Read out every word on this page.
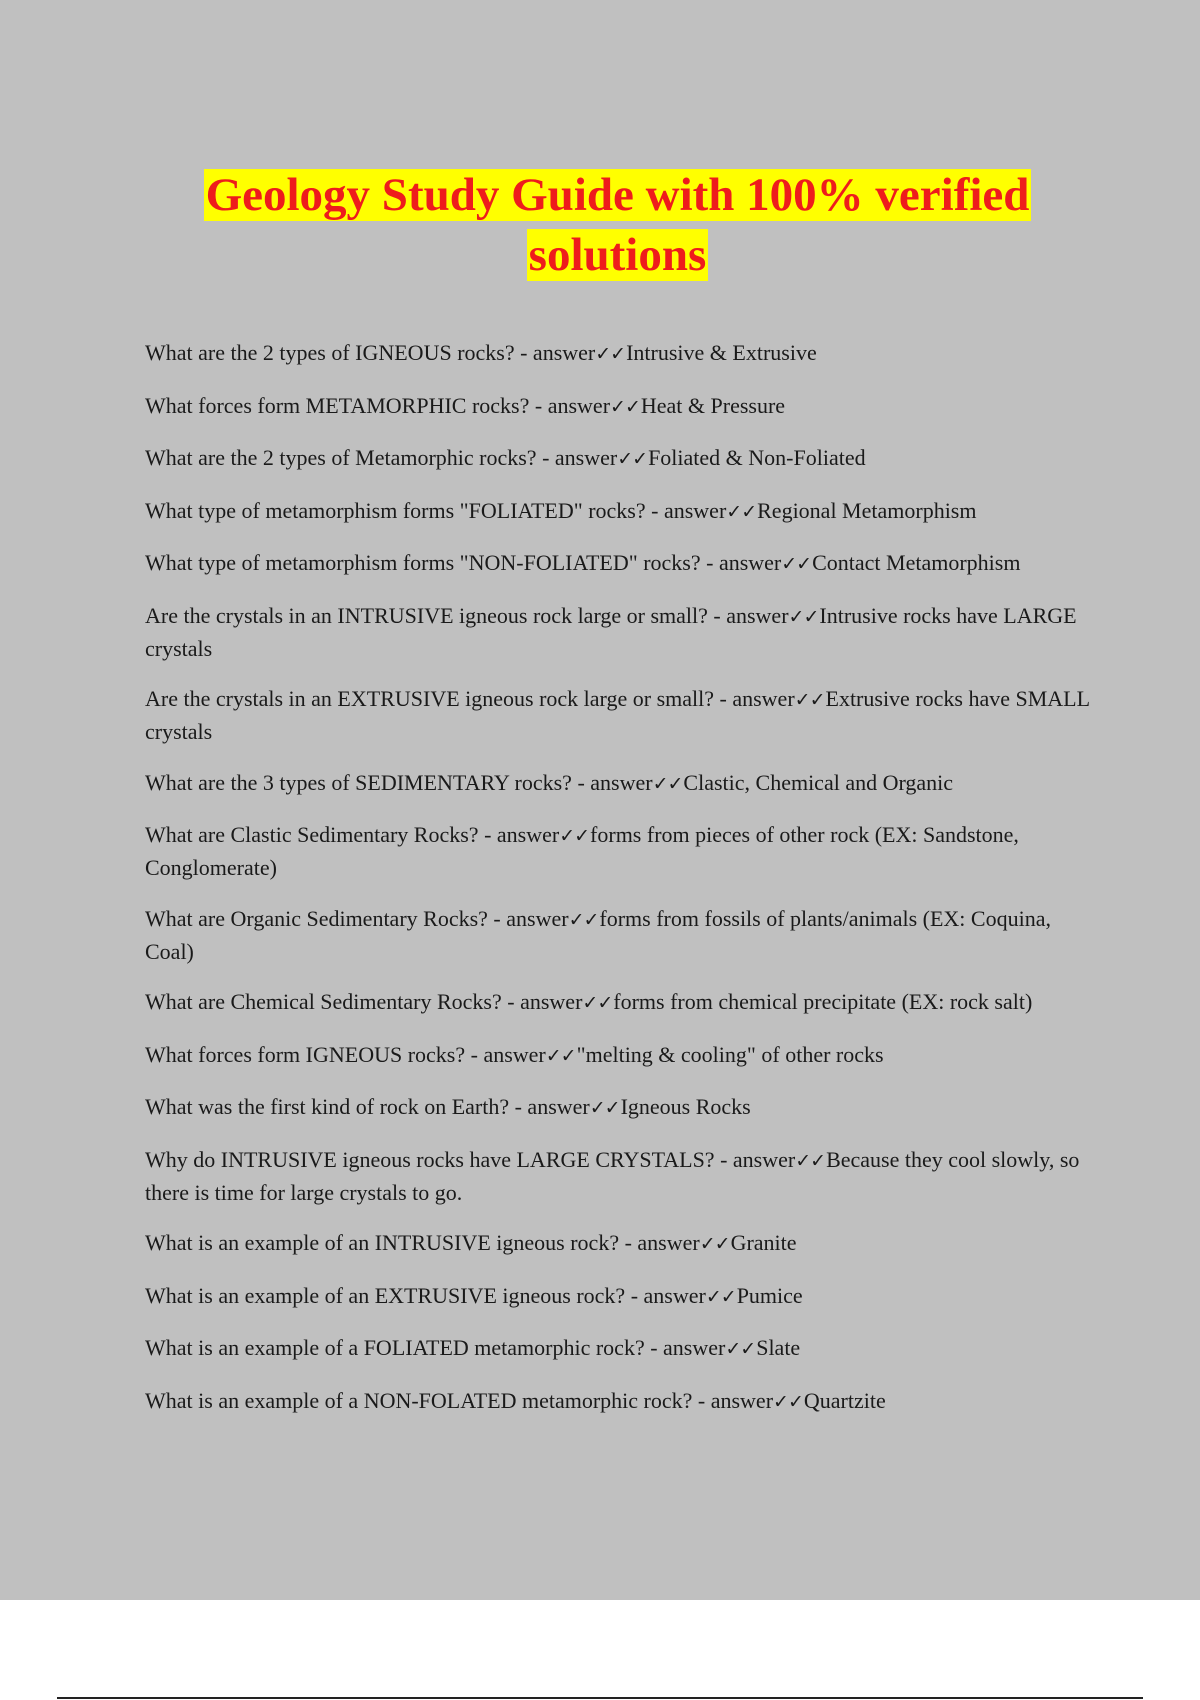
Geology Study Guide with 100% verified solutions
What are the 2 types of IGNEOUS rocks? - answer✓✓Intrusive & Extrusive
What forces form METAMORPHIC rocks? - answer✓✓Heat & Pressure
What are the 2 types of Metamorphic rocks? - answer✓✓Foliated & Non-Foliated
What type of metamorphism forms "FOLIATED" rocks? - answer✓✓Regional Metamorphism
What type of metamorphism forms "NON-FOLIATED" rocks? - answer✓✓Contact Metamorphism
Are the crystals in an INTRUSIVE igneous rock large or small? - answer✓✓Intrusive rocks have LARGE crystals
Are the crystals in an EXTRUSIVE igneous rock large or small? - answer✓✓Extrusive rocks have SMALL crystals
What are the 3 types of SEDIMENTARY rocks? - answer✓✓Clastic, Chemical and Organic
What are Clastic Sedimentary Rocks? - answer✓✓forms from pieces of other rock (EX: Sandstone, Conglomerate)
What are Organic Sedimentary Rocks? - answer✓✓forms from fossils of plants/animals (EX: Coquina, Coal)
What are Chemical Sedimentary Rocks? - answer✓✓forms from chemical precipitate (EX: rock salt)
What forces form IGNEOUS rocks? - answer✓✓"melting & cooling" of other rocks
What was the first kind of rock on Earth? - answer✓✓Igneous Rocks
Why do INTRUSIVE igneous rocks have LARGE CRYSTALS? - answer✓✓Because they cool slowly, so there is time for large crystals to go.
What is an example of an INTRUSIVE igneous rock? - answer✓✓Granite
What is an example of an EXTRUSIVE igneous rock? - answer✓✓Pumice
What is an example of a FOLIATED metamorphic rock? - answer✓✓Slate
What is an example of a NON-FOLATED metamorphic rock? - answer✓✓Quartzite
